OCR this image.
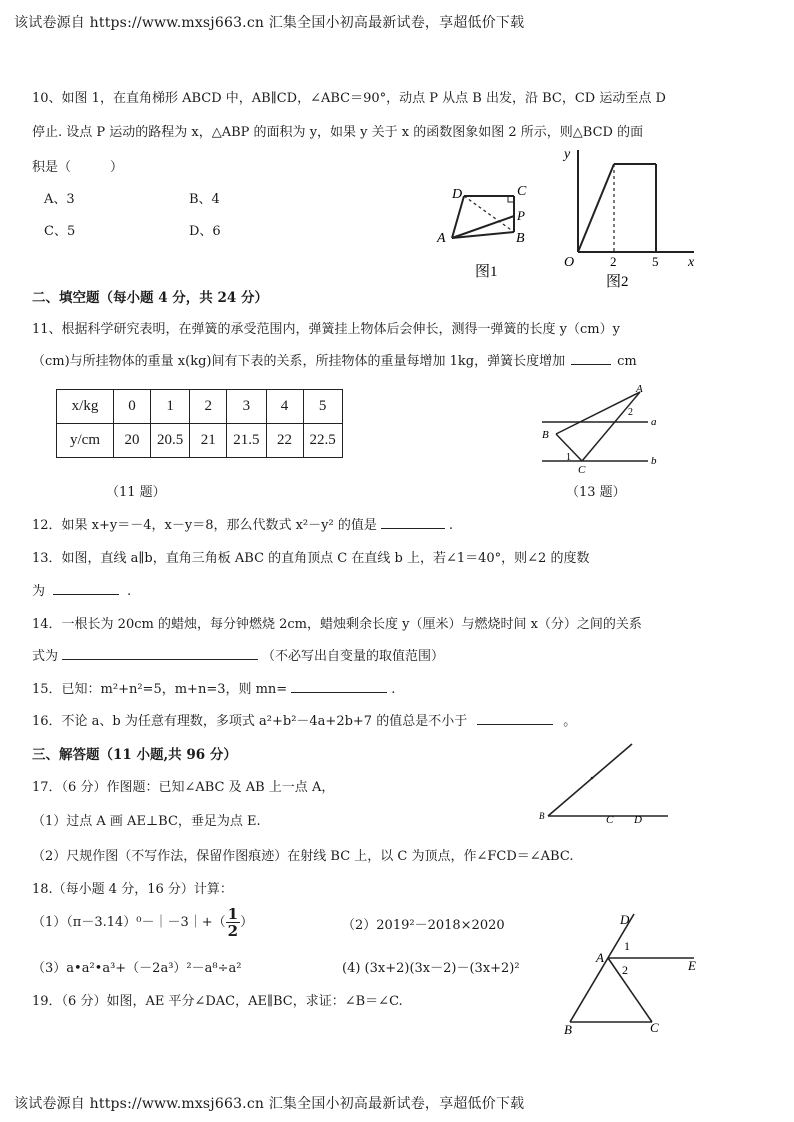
该试卷源自 https://www.mxsj663.cn 汇集全国小初高最新试卷，享超低价下载
该试卷源自 https://www.mxsj663.cn 汇集全国小初高最新试卷，享超低价下载
10、如图 1，在直角梯形 ABCD 中，AB∥CD，∠ABC＝90°，动点 P 从点 B 出发，沿 BC，CD 运动至点 D
停止. 设点 P 运动的路程为 x，△ABP 的面积为 y，如果 y 关于 x 的函数图象如图 2 所示，则△BCD 的面
积是（　　　）
A、3	B、4
C、5	D、6
D	C
P
A	B
图1
y
x
O	2	5
图2
二、填空题（每小题 4 分，共 24 分）
11、根据科学研究表明，在弹簧的承受范围内，弹簧挂上物体后会伸长，测得一弹簧的长度 y（cm）y
（cm)与所挂物体的重量 x(kg)间有下表的关系，所挂物体的重量每增加 1kg，弹簧长度增加	cm
x/kg	0	1	2	3	4	5
y/cm	20	20.5	21	21.5	22	22.5
（11 题）
A
a
b
B
C
1
2
（13 题）
12．如果 x+y＝－4，x－y＝8，那么代数式 x²－y² 的值是	.
13．如图，直线 a∥b，直角三角板 ABC 的直角顶点 C 在直线 b 上，若∠1＝40°，则∠2 的度数
为	.
14．一根长为 20cm 的蜡烛，每分钟燃烧 2cm，蜡烛剩余长度 y（厘米）与燃烧时间 x（分）之间的关系
式为	（不必写出自变量的取值范围）
15．已知：m²+n²=5，m+n=3，则 mn=	.
16．不论 a、b 为任意有理数，多项式 a²+b²－4a+2b+7 的值总是不小于	。
三、解答题（11 小题,共 96 分）
17．（6 分）作图题：已知∠ABC 及 AB 上一点 A，
（1）过点 A 画 AE⊥BC，垂足为点 E.
（2）尺规作图（不写作法，保留作图痕迹）在射线 BC 上，以 C 为顶点，作∠FCD＝∠ABC.
B	C D
18.（每小题 4 分，16 分）计算：
（1）（π－3.14）⁰－｜－3｜+（ $\frac{1}{2}$ ）	（2）2019²－2018×2020
（3）a•a²•a³+（－2a³）²－a⁸÷a²	(4) (3x+2)(3x－2)－(3x+2)²
19．（6 分）如图，AE 平分∠DAC，AE∥BC，求证：∠B＝∠C.
D
A
E
B	C
1
2
